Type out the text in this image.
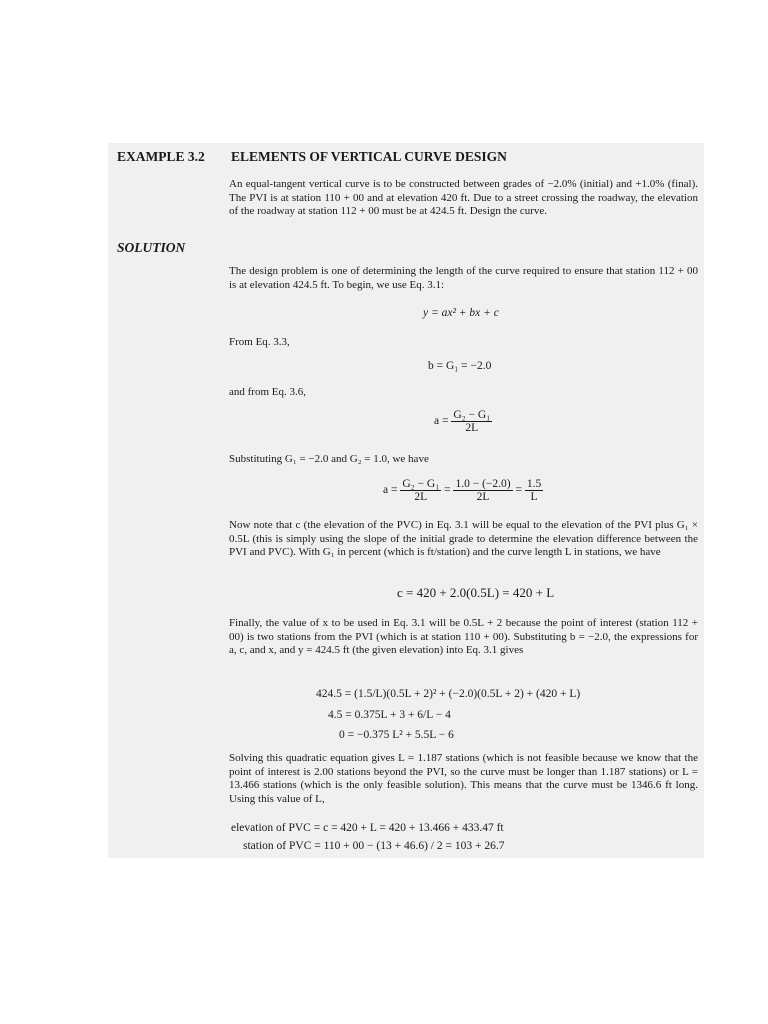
EXAMPLE 3.2 ELEMENTS OF VERTICAL CURVE DESIGN
An equal-tangent vertical curve is to be constructed between grades of −2.0% (initial) and +1.0% (final). The PVI is at station 110 + 00 and at elevation 420 ft. Due to a street crossing the roadway, the elevation of the roadway at station 112 + 00 must be at 424.5 ft. Design the curve.
SOLUTION
The design problem is one of determining the length of the curve required to ensure that station 112 + 00 is at elevation 424.5 ft. To begin, we use Eq. 3.1:
y = ax² + bx + c
From Eq. 3.3,
b = G₁ = −2.0
and from Eq. 3.6,
$a = \frac{\text{G₂ − G₁}}{2L}$
Substituting G₁ = −2.0 and G₂ = 1.0, we have
$a = \frac{\text{G₂ − G₁}}{2L} = \frac{1.0 - (-2.0)}{2L} = \frac{1.5}{L}$
Now note that c (the elevation of the PVC) in Eq. 3.1 will be equal to the elevation of the PVI plus G₁ × 0.5L (this is simply using the slope of the initial grade to determine the elevation difference between the PVI and PVC). With G₁ in percent (which is ft/station) and the curve length L in stations, we have
c = 420 + 2.0(0.5L) = 420 + L
Finally, the value of x to be used in Eq. 3.1 will be 0.5L + 2 because the point of interest (station 112 + 00) is two stations from the PVI (which is at station 110 + 00). Substituting b = −2.0, the expressions for a, c, and x, and y = 424.5 ft (the given elevation) into Eq. 3.1 gives
424.5 = (1.5/L)(0.5L + 2)² + (−2.0)(0.5L + 2) + (420 + L)
4.5 = 0.375L + 3 + 6/L − 4
0 = −0.375 L² + 5.5L − 6
Solving this quadratic equation gives L = 1.187 stations (which is not feasible because we know that the point of interest is 2.00 stations beyond the PVI, so the curve must be longer than 1.187 stations) or L = 13.466 stations (which is the only feasible solution). This means that the curve must be 1346.6 ft long. Using this value of L,
elevation of PVC = c = 420 + L = 420 + 13.466 + 433.47 ft
station of PVC = 110 + 00 − (13 + 46.6) / 2 = 103 + 26.7
